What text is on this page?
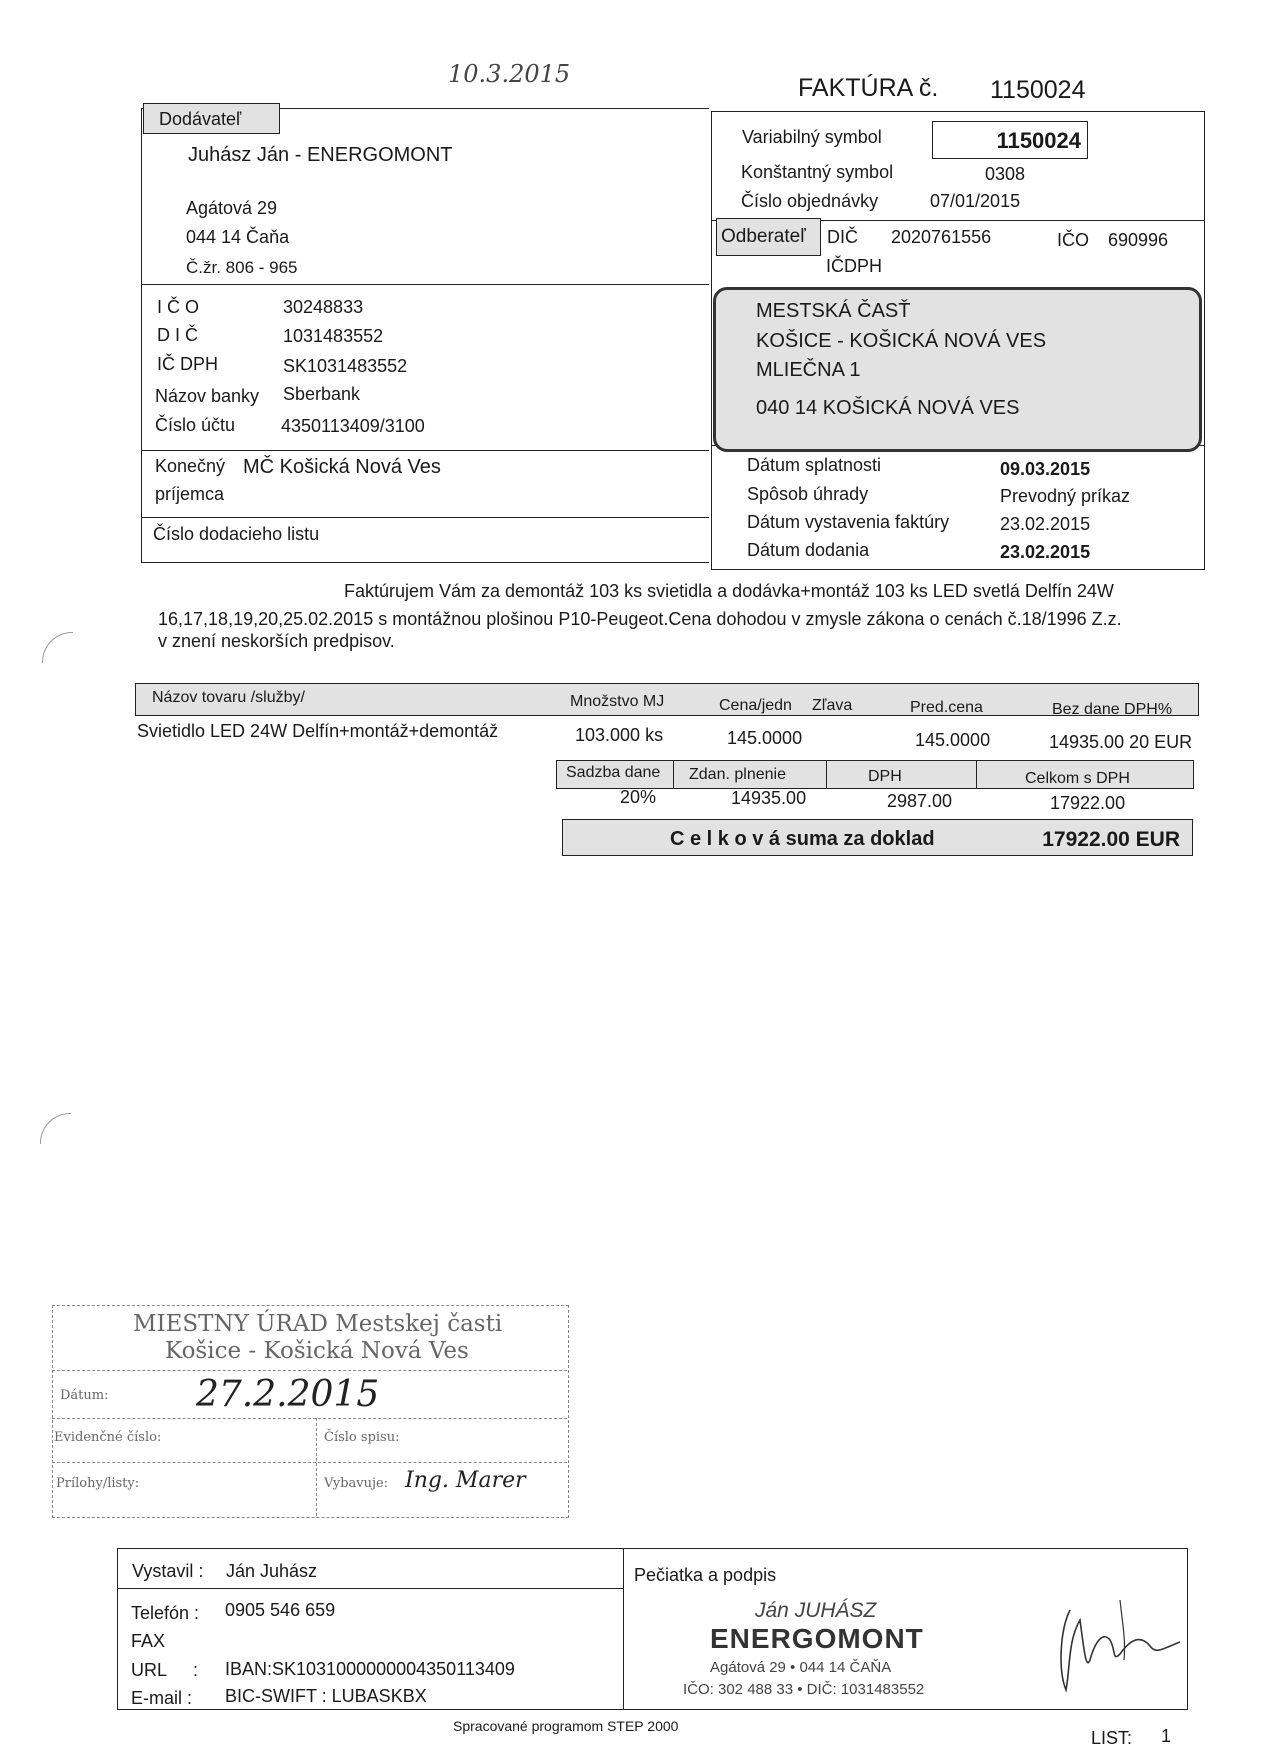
10.3.2015	FAKTÚRA č. 1150024
Dodávateľ
Juhász Ján - ENERGOMONT
Agátová 29
044 14 Čaňa
Č.žr. 806 - 965
I Č O	30248833
D I Č	1031483552
IČ DPH	SK1031483552
Názov banky Sberbank
Číslo účtu	4350113409/3100
Konečný
príjemca
MČ Košická Nová Ves
Číslo dodacieho listu
Variabilný symbol	1150024
Konštantný symbol	0308
Číslo objednávky	07/01/2015
Odberateľ DIČ 2020761556	IČO 690996
IČDPH
MESTSKÁ ČASŤ
KOŠICE - KOŠICKÁ NOVÁ VES
MLIEČNA 1
040 14 KOŠICKÁ NOVÁ VES
Dátum splatnosti	09.03.2015
Spôsob úhrady	Prevodný príkaz
Dátum vystavenia faktúry	23.02.2015
Dátum dodania	23.02.2015
Faktúrujem Vám za demontáž 103 ks svietidla a dodávka+montáž 103 ks LED svetlá Delfín 24W
16,17,18,19,20,25.02.2015 s montážnou plošinou P10-Peugeot.Cena dohodou v zmysle zákona o cenách č.18/1996 Z.z.
v znení neskorších predpisov.
Názov tovaru /služby/	Množstvo MJ	Cena/jedn Zľava	Pred.cena	Bez dane DPH%
Svietidlo LED 24W Delfín+montáž+demontáž	103.000 ks	145.0000	145.0000	14935.00 20 EUR
Sadzba dane Zdan. plnenie	DPH	Celkom s DPH
20%	14935.00	2987.00	17922.00
C e l k o v á suma za doklad	17922.00 EUR
MIESTNY ÚRAD Mestskej časti
Košice - Košická Nová Ves
Dátum: 27.2.2015
Evidenčné číslo:	Číslo spisu:
Prílohy/listy:	Vybavuje: Ing. Marer
Vystavil : Ján Juhász
Telefón : 0905 546 659
FAX
URL : IBAN:SK1031000000004350113409
E-mail : BIC-SWIFT : LUBASKBX
Pečiatka a podpis
Ján JUHÁSZ
ENERGOMONT
Agátová 29 • 044 14 ČAŇA
IČO: 302 488 33 • DIČ: 1031483552
Spracované programom STEP 2000
LIST: 1
